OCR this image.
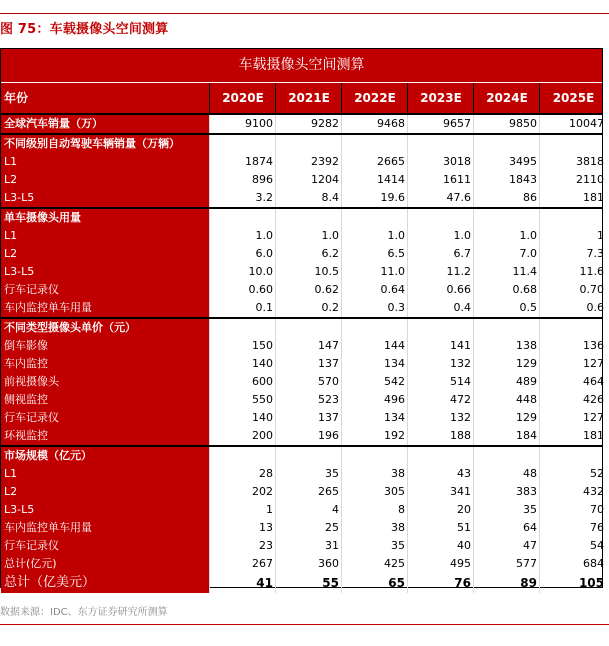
图 75：车载摄像头空间测算
车载摄像头空间测算
年份	2020E	2021E	2022E	2023E	2024E	2025E
全球汽车销量（万）	9100	9282	9468	9657	9850	10047
不同级别自动驾驶车辆销量（万辆）
L1	1874	2392	2665	3018	3495	3818
L2	896	1204	1414	1611	1843	2110
L3-L5	3.2	8.4	19.6	47.6	86	181
单车摄像头用量
L1	1.0	1.0	1.0	1.0	1.0	1
L2	6.0	6.2	6.5	6.7	7.0	7.3
L3-L5	10.0	10.5	11.0	11.2	11.4	11.6
行车记录仪	0.60	0.62	0.64	0.66	0.68	0.70
车内监控单车用量	0.1	0.2	0.3	0.4	0.5	0.6
不同类型摄像头单价（元）
倒车影像	150	147	144	141	138	136
车内监控	140	137	134	132	129	127
前视摄像头	600	570	542	514	489	464
侧视监控	550	523	496	472	448	426
行车记录仪	140	137	134	132	129	127
环视监控	200	196	192	188	184	181
市场规模（亿元）
L1	28	35	38	43	48	52
L2	202	265	305	341	383	432
L3-L5	1	4	8	20	35	70
车内监控单车用量	13	25	38	51	64	76
行车记录仪	23	31	35	40	47	54
总计(亿元)	267	360	425	495	577	684
总计（亿美元）	41	55	65	76	89	105
数据来源：IDC、东方证券研究所测算
